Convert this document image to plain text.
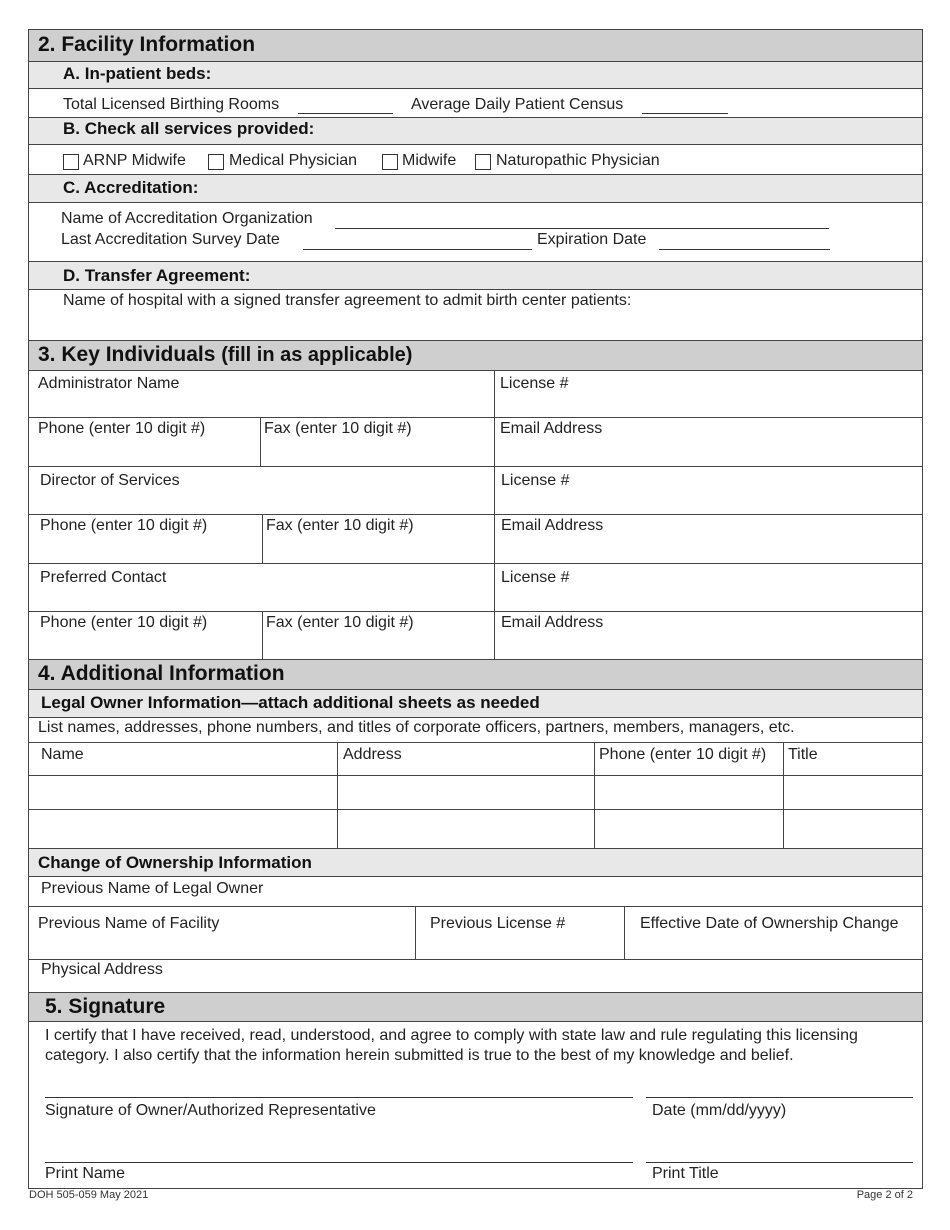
2. Facility Information
A. In-patient beds:
Total Licensed Birthing Rooms	Average Daily Patient Census
B. Check all services provided:
ARNP Midwife	Medical Physician	Midwife Naturopathic Physician
C. Accreditation:
Name of Accreditation Organization
Last Accreditation Survey Date	Expiration Date
D. Transfer Agreement:
Name of hospital with a signed transfer agreement to admit birth center patients:
3. Key Individuals (fill in as applicable)
Administrator Name	License #
Phone (enter 10 digit #)	Fax (enter 10 digit #)	Email Address
Director of Services	License #
Phone (enter 10 digit #)	Fax (enter 10 digit #)	Email Address
Preferred Contact	License #
Phone (enter 10 digit #)	Fax (enter 10 digit #)	Email Address
4. Additional Information
Legal Owner Information—attach additional sheets as needed
List names, addresses, phone numbers, and titles of corporate officers, partners, members, managers, etc.
Name	Address	Phone (enter 10 digit #) Title
Change of Ownership Information
Previous Name of Legal Owner
Previous Name of Facility	Previous License #	Effective Date of Ownership Change
Physical Address
5. Signature
I certify that I have received, read, understood, and agree to comply with state law and rule regulating this licensing
category. I also certify that the information herein submitted is true to the best of my knowledge and belief.
Signature of Owner/Authorized Representative	Date (mm/dd/yyyy)
Print Name	Print Title
DOH 505-059 May 2021	Page 2 of 2
